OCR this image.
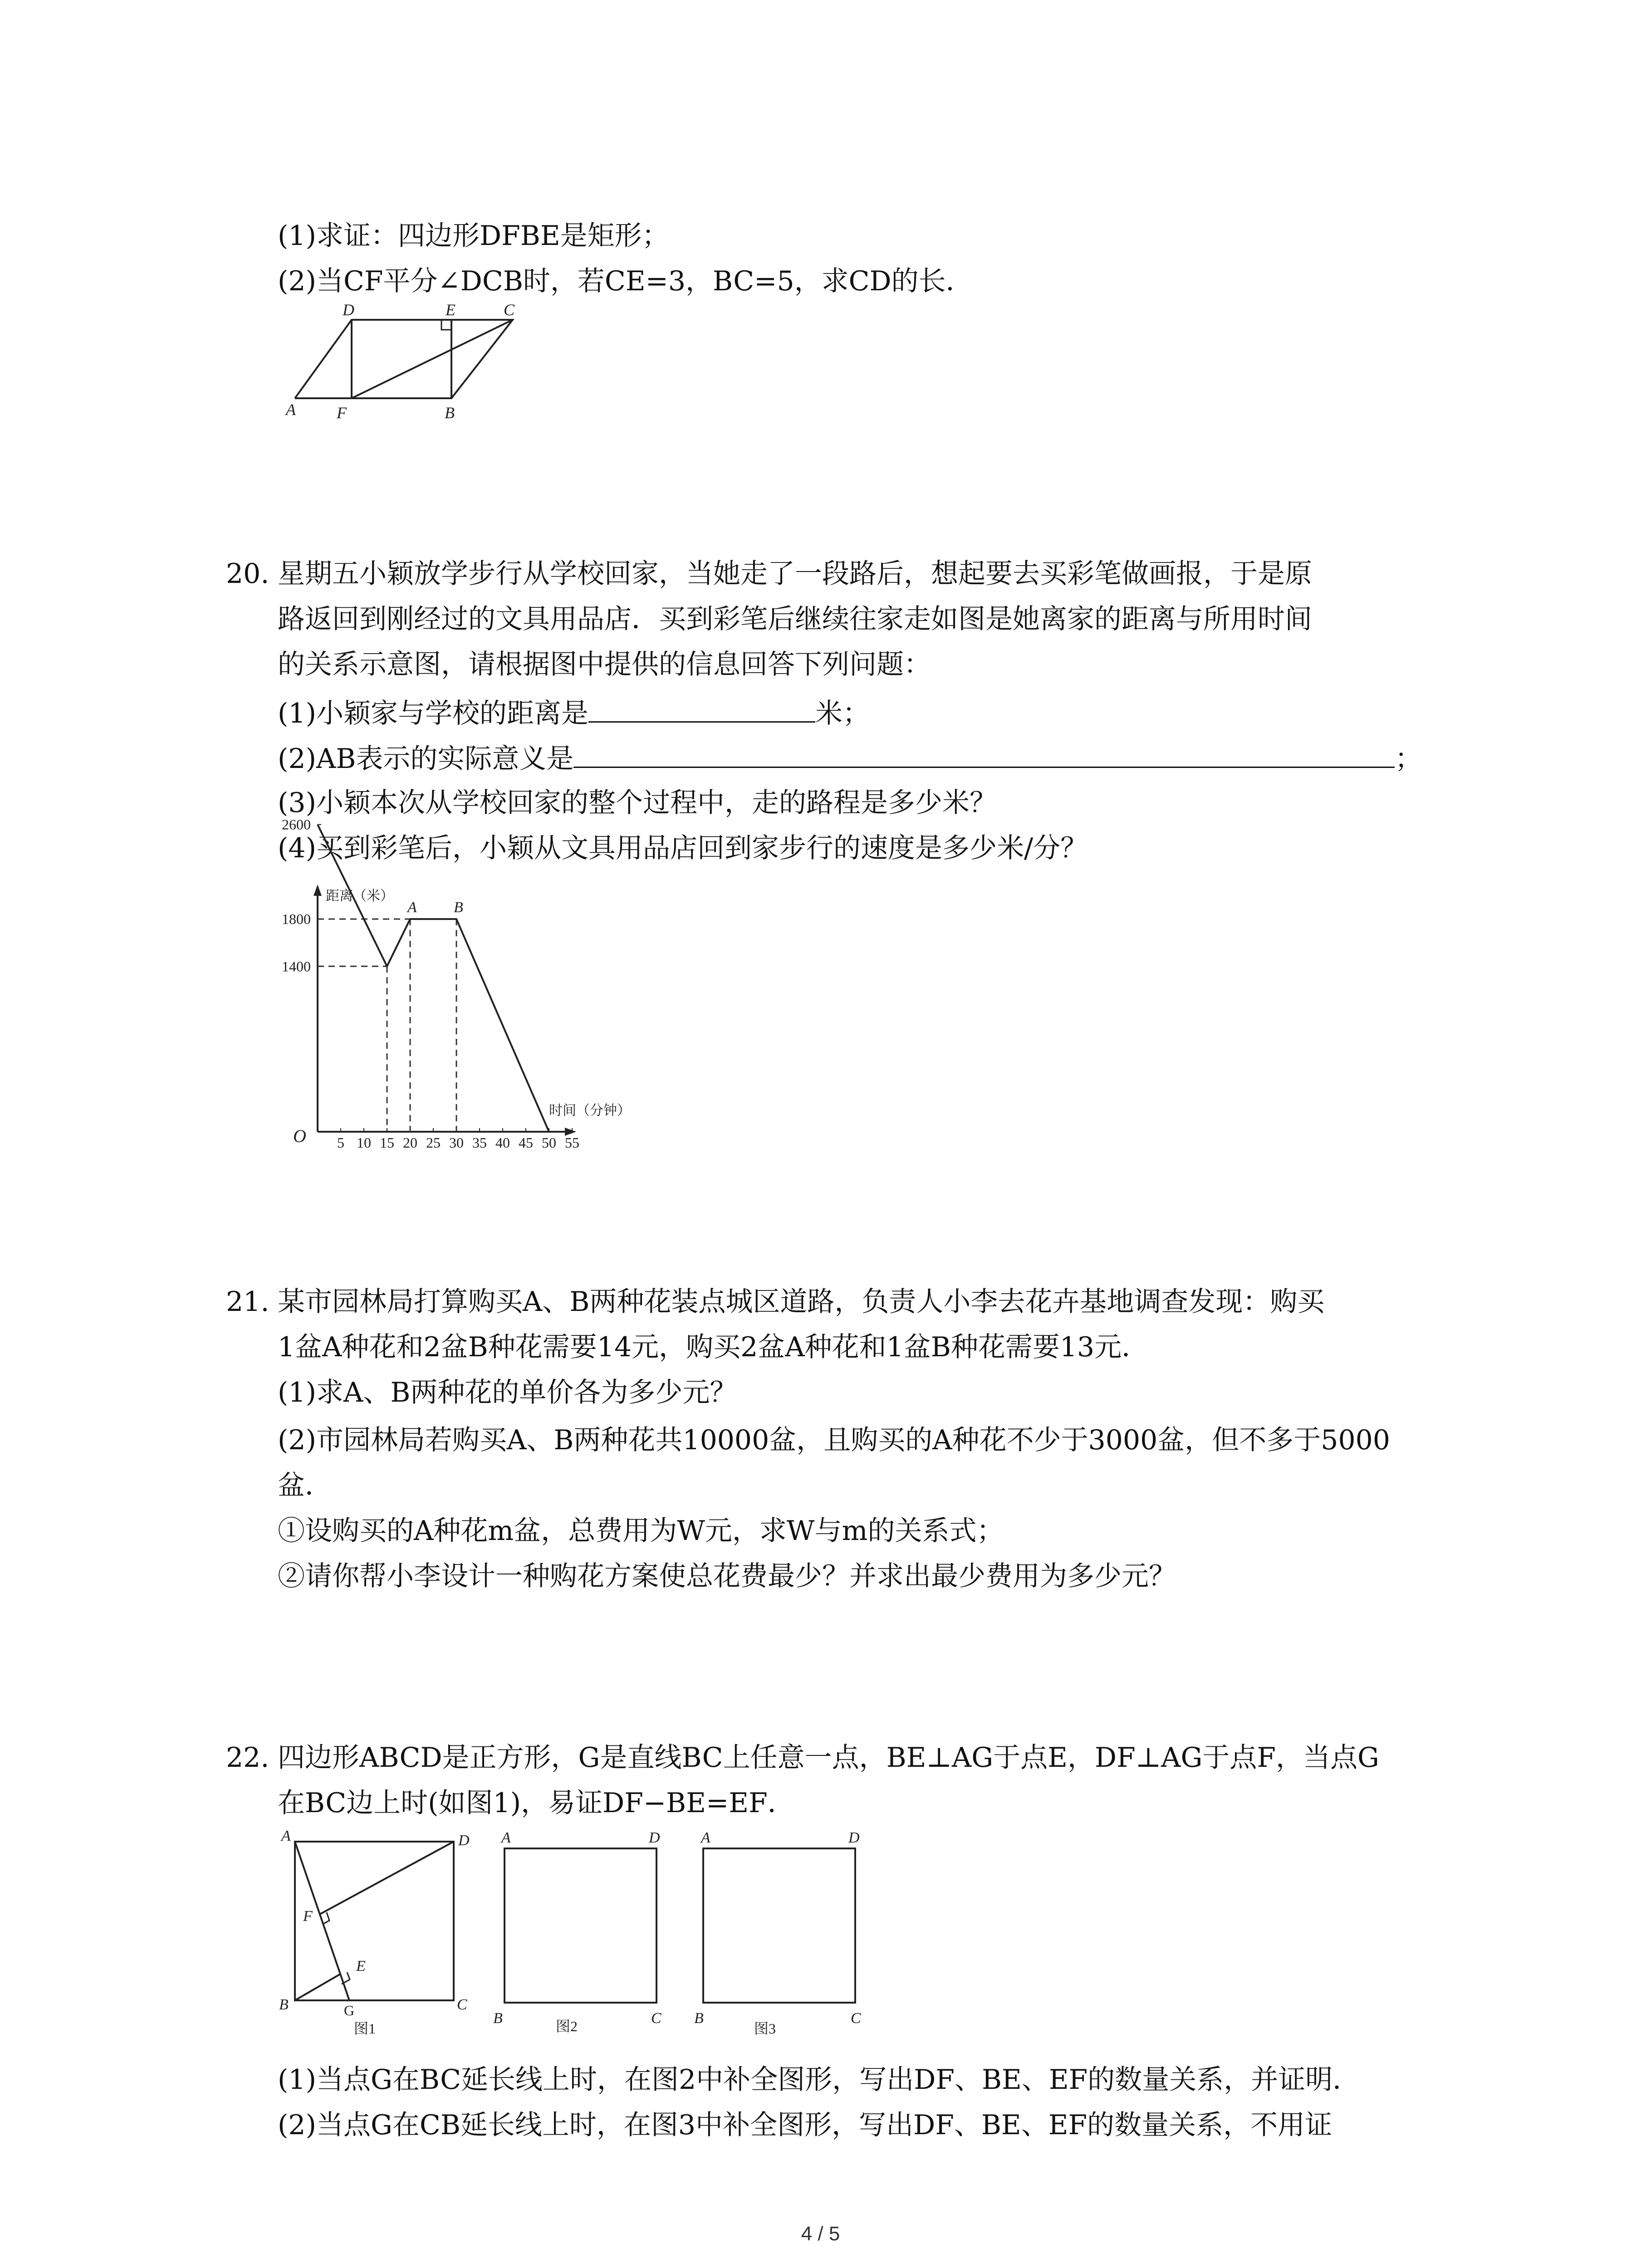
(1)求证：四边形DFBE是矩形；
(2)当CF平分∠DCB时，若CE=3，BC=5，求CD的长．
D	E	C
A	F	B
20. 星期五小颖放学步行从学校回家，当她走了一段路后，想起要去买彩笔做画报，于是原
路返回到刚经过的文具用品店．买到彩笔后继续往家走如图是她离家的距离与所用时间
的关系示意图，请根据图中提供的信息回答下列问题：
(1)小颖家与学校的距离是	米；
(2)AB表示的实际意义是	；
(3)小颖本次从学校回家的整个过程中，走的路程是多少米？
(4)买到彩笔后，小颖从文具用品店回到家步行的速度是多少米/分？
距离（米）
时间（分钟）
O 5 10 15 20 25 30 35 40 45 50 55
2600
1800
1400
A B
21. 某市园林局打算购买A、B两种花装点城区道路，负责人小李去花卉基地调查发现：购买
1盆A种花和2盆B种花需要14元，购买2盆A种花和1盆B种花需要13元．
(1)求A、B两种花的单价各为多少元？
(2)市园林局若购买A、B两种花共10000盆，且购买的A种花不少于3000盆，但不多于5000
盆．
①设购买的A种花m盆，总费用为W元，求W与m的关系式；
②请你帮小李设计一种购花方案使总花费最少？并求出最少费用为多少元？
22. 四边形ABCD是正方形，G是直线BC上任意一点，BE⊥AG于点E，DF⊥AG于点F，当点G
在BC边上时(如图1)，易证DF−BE=EF．
A	D
F
E
B	C
G
图1
A	D
B	C
图2
A	D
B	C
图3
(1)当点G在BC延长线上时，在图2中补全图形，写出DF、BE、EF的数量关系，并证明．
(2)当点G在CB延长线上时，在图3中补全图形，写出DF、BE、EF的数量关系，不用证
4 / 5
